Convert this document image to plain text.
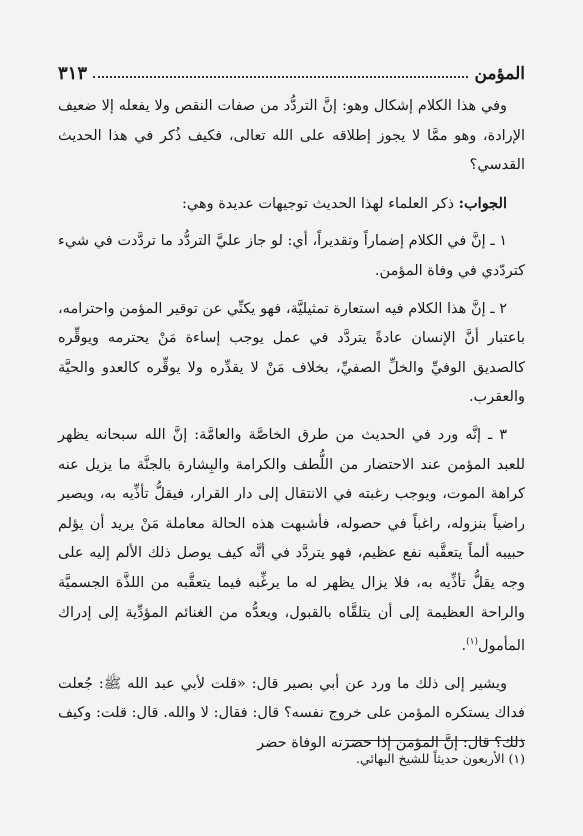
المؤمن
٣١٣

وفي هذا الكلام إشكال وهو: إنَّ التردُّد من صفات النقص ولا يفعله إلا ضعيف الإرادة، وهو ممَّا لا يجوز إطلاقه على الله تعالى، فكيف ذُكر في هذا الحديث القدسي؟

الجواب: ذكر العلماء لهذا الحديث توجيهات عديدة وهي:

١ ـ إنَّ في الكلام إضماراً وتقديراً، أي: لو جاز عليَّ التردُّد ما تردَّدت في شيء كتردّدي في وفاة المؤمن.

٢ ـ إنَّ هذا الكلام فيه استعارة تمثيليَّة، فهو يكنِّي عن توقير المؤمن واحترامه، باعتبار أنَّ الإنسان عادةً يتردَّد في عمل يوجب إساءة مَنْ يحترمه ويوقِّره كالصديق الوفيِّ والخلِّ الصفيِّ، بخلاف مَنْ لا يقدِّره ولا يوقِّره كالعدو والحيَّة والعقرب.

٣ ـ إنَّه ورد في الحديث من طرق الخاصَّة والعامَّة: إنَّ الله سبحانه يظهر للعبد المؤمن عند الاحتضار من اللُّطف والكرامة والبِشارة بالجنَّة ما يزيل عنه كراهة الموت، ويوجب رغبته في الانتقال إلى دار القرار، فيقلُّ تأذِّيه به، ويصير راضياً بنزوله، راغباً في حصوله، فأشبهت هذه الحالة معاملة مَنْ يريد أن يؤلم حبيبه ألماً يتعقَّبه نفع عظيم، فهو يتردَّد في أنَّه كيف يوصل ذلك الألم إليه على وجه يقلُّ تأذِّيه به، فلا يزال يظهر له ما يرغِّبه فيما يتعقَّبه من اللذَّة الجسميَّة والراحة العظيمة إلى أن يتلقَّاه بالقبول، ويعدُّه من الغنائم المؤدِّية إلى إدراك المأمول$^{(١)}$.

ويشير إلى ذلك ما ورد عن أبي بصير قال: «قلت لأبي عبد الله ﷺ: جُعلت فداك يستكره المؤمن على خروج نفسه؟ قال: فقال: لا والله. قال: قلت: وكيف ذلك؟ قال: إنَّ المؤمن إذا حضرته الوفاة حضر

(١) الأربعون حديثاً للشيخ البهائي.
